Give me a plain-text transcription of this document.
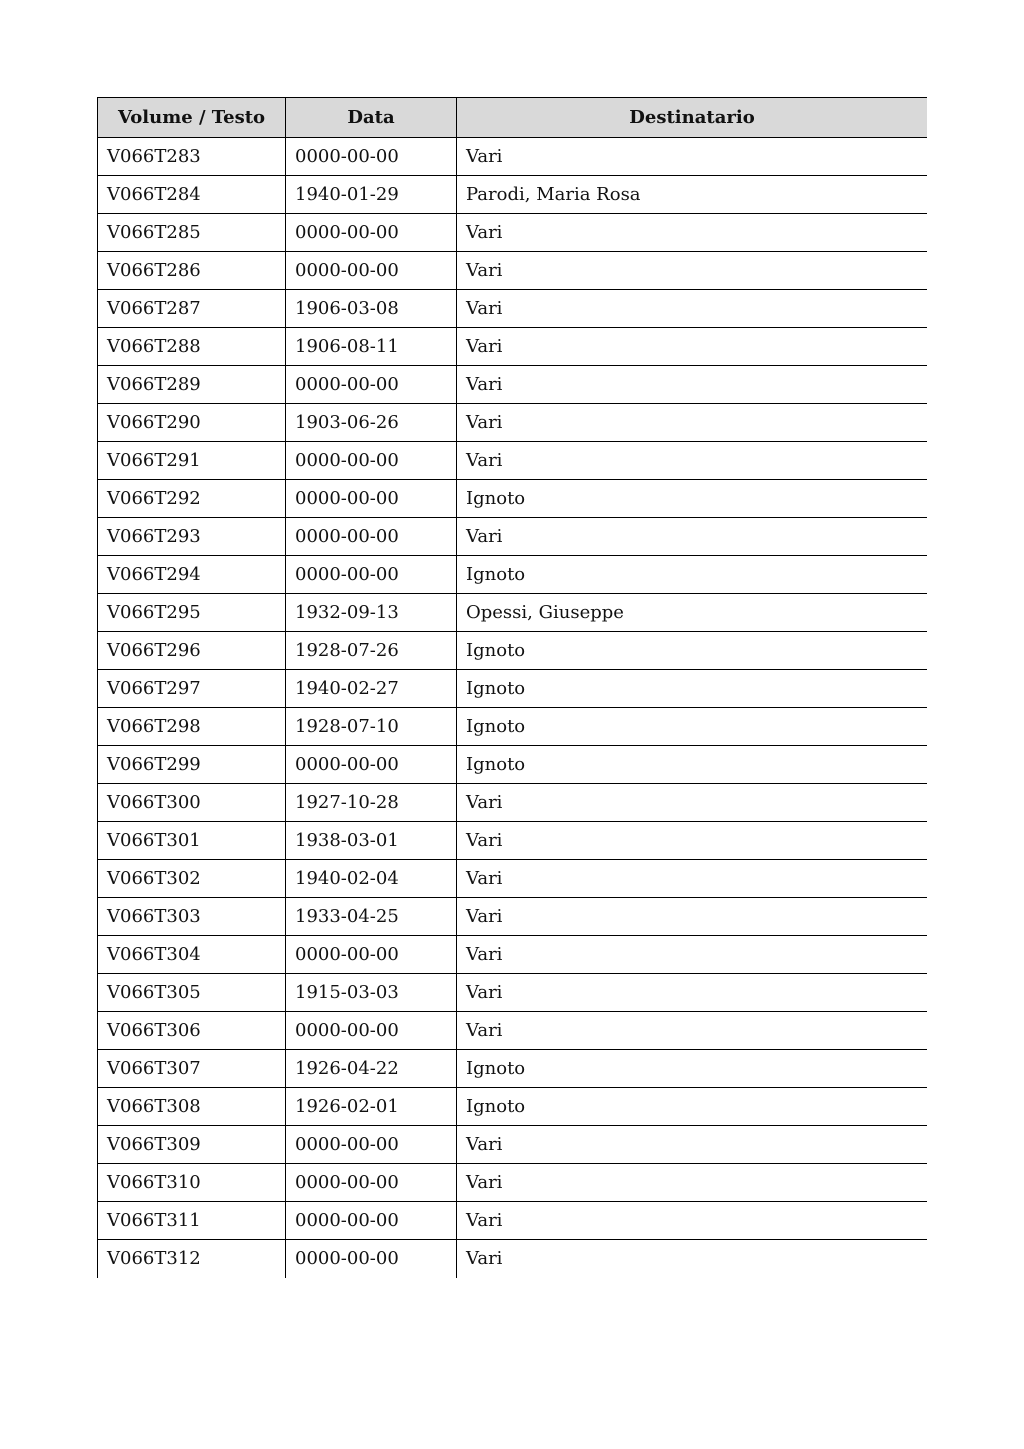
Volume / Testo	Data	Destinatario
V066T283	0000-00-00	Vari
V066T284	1940-01-29	Parodi, Maria Rosa
V066T285	0000-00-00	Vari
V066T286	0000-00-00	Vari
V066T287	1906-03-08	Vari
V066T288	1906-08-11	Vari
V066T289	0000-00-00	Vari
V066T290	1903-06-26	Vari
V066T291	0000-00-00	Vari
V066T292	0000-00-00	Ignoto
V066T293	0000-00-00	Vari
V066T294	0000-00-00	Ignoto
V066T295	1932-09-13	Opessi, Giuseppe
V066T296	1928-07-26	Ignoto
V066T297	1940-02-27	Ignoto
V066T298	1928-07-10	Ignoto
V066T299	0000-00-00	Ignoto
V066T300	1927-10-28	Vari
V066T301	1938-03-01	Vari
V066T302	1940-02-04	Vari
V066T303	1933-04-25	Vari
V066T304	0000-00-00	Vari
V066T305	1915-03-03	Vari
V066T306	0000-00-00	Vari
V066T307	1926-04-22	Ignoto
V066T308	1926-02-01	Ignoto
V066T309	0000-00-00	Vari
V066T310	0000-00-00	Vari
V066T311	0000-00-00	Vari
V066T312	0000-00-00	Vari
